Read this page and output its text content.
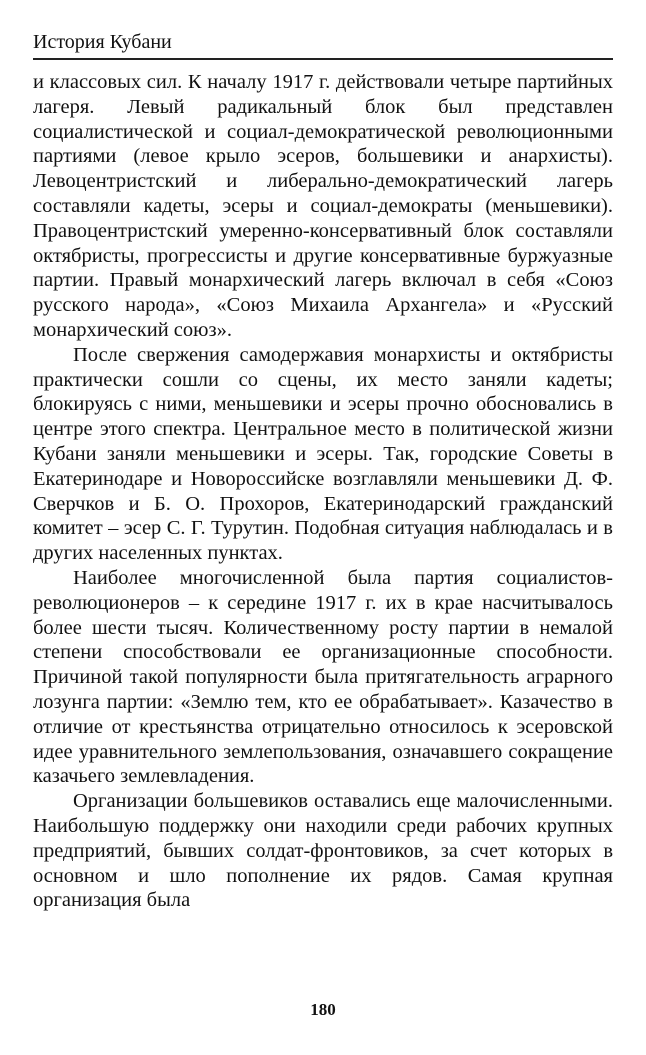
История Кубани

и классовых сил. К началу 1917 г. действовали четыре партийных лагеря. Левый радикальный блок был представлен социалистической и социал-демократической революционными партиями (левое крыло эсеров, большевики и анархисты). Левоцентристский и либерально-демократический лагерь составляли кадеты, эсеры и социал-демократы (меньшевики). Правоцентристский умеренно-консервативный блок составляли октябристы, прогрессисты и другие консервативные буржуазные партии. Правый монархический лагерь включал в себя «Союз русского народа», «Союз Михаила Архангела» и «Русский монархический союз».

После свержения самодержавия монархисты и октябристы практически сошли со сцены, их место заняли кадеты; блокируясь с ними, меньшевики и эсеры прочно обосновались в центре этого спектра. Центральное место в политической жизни Кубани заняли меньшевики и эсеры. Так, городские Советы в Екатеринодаре и Новороссийске возглавляли меньшевики Д. Ф. Сверчков и Б. О. Прохоров, Екатеринодарский гражданский комитет – эсер С. Г. Турутин. Подобная ситуация наблюдалась и в других населенных пунктах.

Наиболее многочисленной была партия социалистов-революционеров – к середине 1917 г. их в крае насчитывалось более шести тысяч. Количественному росту партии в немалой степени способствовали ее организационные способности. Причиной такой популярности была притягательность аграрного лозунга партии: «Землю тем, кто ее обрабатывает». Казачество в отличие от крестьянства отрицательно относилось к эсеровской идее уравнительного землепользования, означавшего сокращение казачьего землевладения.

Организации большевиков оставались еще малочисленными. Наибольшую поддержку они находили среди рабочих крупных предприятий, бывших солдат-фронтовиков, за счет которых в основном и шло пополнение их рядов. Самая крупная организация была

180
